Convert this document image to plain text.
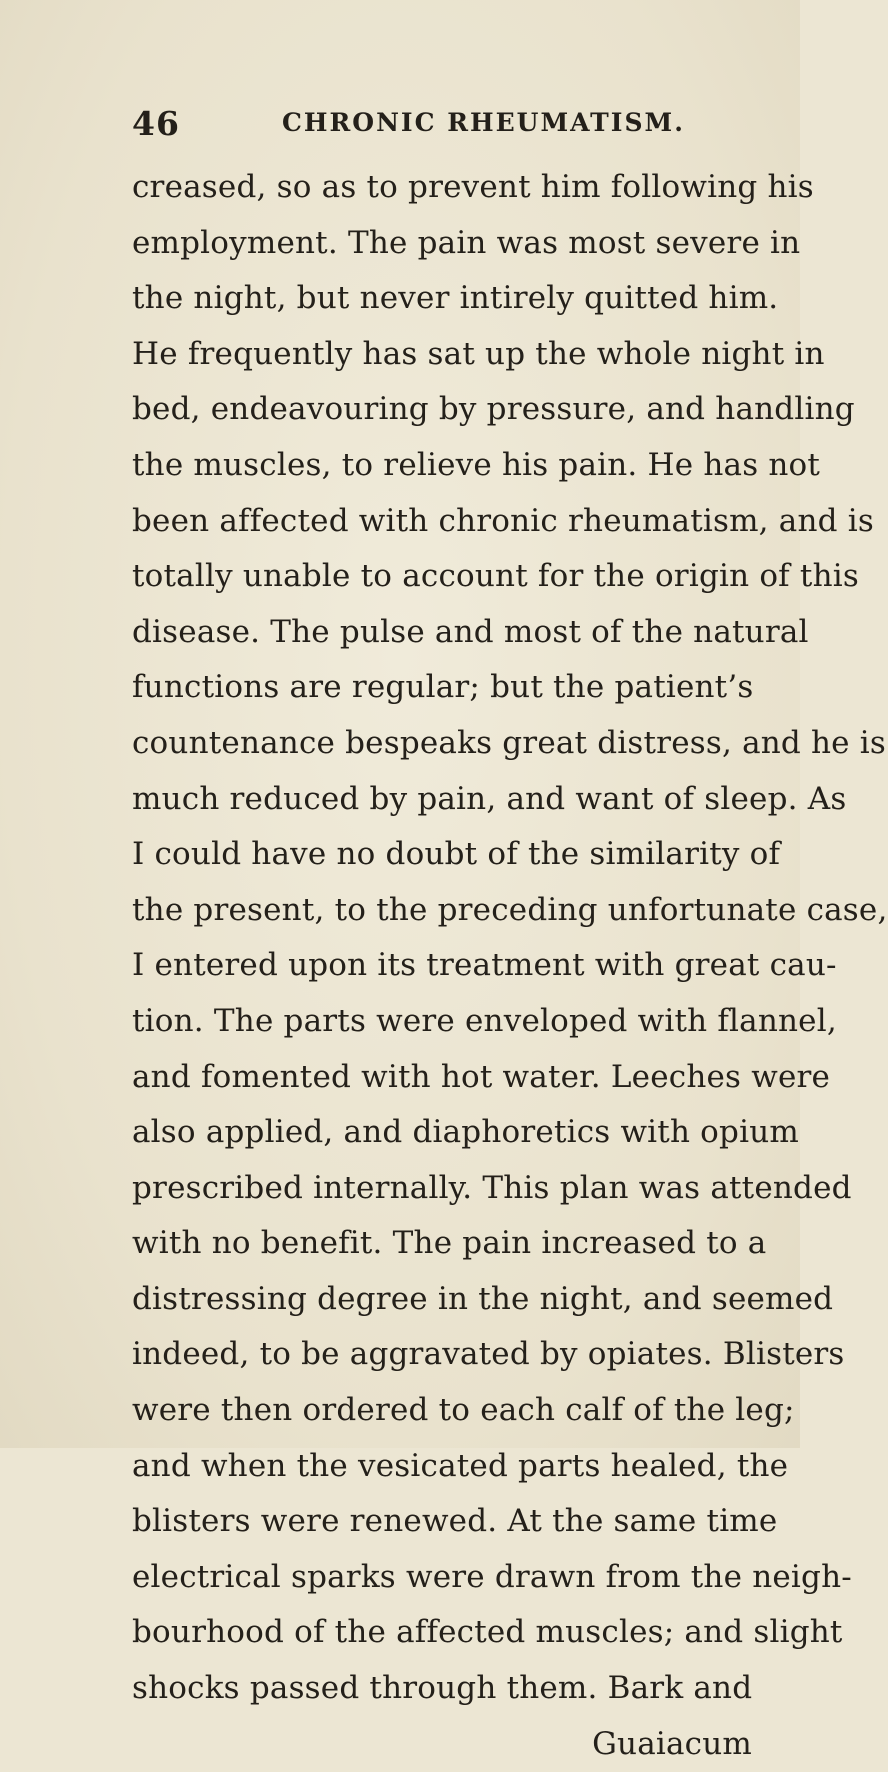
46	CHRONIC RHEUMATISM.
creased, so as to prevent him following his
employment. The pain was most severe in
the night, but never intirely quitted him.
He frequently has sat up the whole night in
bed, endeavouring by pressure, and handling
the muscles, to relieve his pain. He has not
been affected with chronic rheumatism, and is
totally unable to account for the origin of this
disease. The pulse and most of the natural
functions are regular; but the patient’s
countenance bespeaks great distress, and he is
much reduced by pain, and want of sleep. As
I could have no doubt of the similarity of
the present, to the preceding unfortunate case,
I entered upon its treatment with great cau-
tion. The parts were enveloped with flannel,
and fomented with hot water. Leeches were
also applied, and diaphoretics with opium
prescribed internally. This plan was attended
with no benefit. The pain increased to a
distressing degree in the night, and seemed
indeed, to be aggravated by opiates. Blisters
were then ordered to each calf of the leg;
and when the vesicated parts healed, the
blisters were renewed. At the same time
electrical sparks were drawn from the neigh-
bourhood of the affected muscles; and slight
shocks passed through them. Bark and
Guaiacum
